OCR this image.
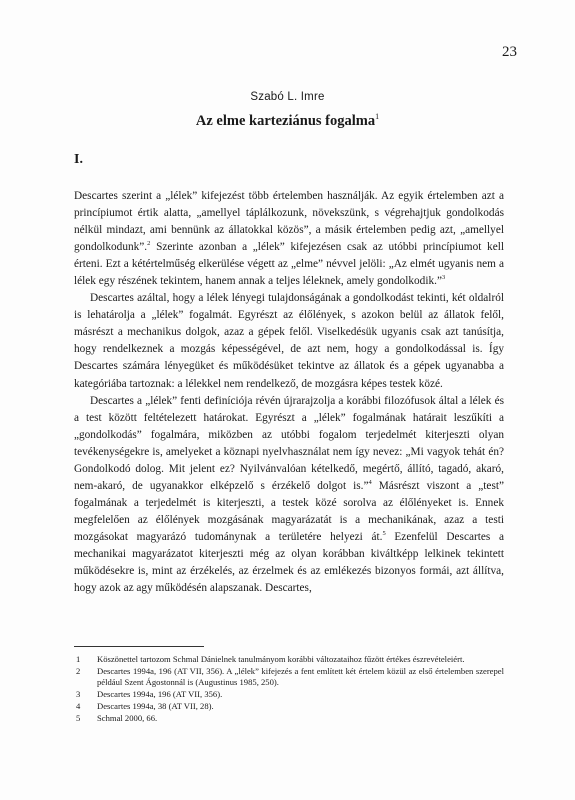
23
Szabó L. Imre
Az elme karteziánus fogalma$^1$
I.

Descartes szerint a „lélek” kifejezést több értelemben használják. Az egyik értelemben azt a princípiumot értik alatta, „amellyel táplálkozunk, növekszünk, s végrehajtjuk gondolkodás nélkül mindazt, ami bennünk az állatokkal közös”, a másik értelemben pedig azt, „amellyel gondolkodunk”.$^2$ Szerinte azonban a „lélek” kifejezésen csak az utóbbi princípiumot kell érteni. Ezt a kétértelműség elkerülése végett az „elme” névvel jelöli: „Az elmét ugyanis nem a lélek egy részének tekintem, hanem annak a teljes léleknek, amely gondolkodik.”$^3$

Descartes azáltal, hogy a lélek lényegi tulajdonságának a gondolkodást tekinti, két oldalról is lehatárolja a „lélek” fogalmát. Egyrészt az élőlények, s azokon belül az állatok felől, másrészt a mechanikus dolgok, azaz a gépek felől. Viselkedésük ugyanis csak azt tanúsítja, hogy rendelkeznek a mozgás képességével, de azt nem, hogy a gondolkodással is. Így Descartes számára lényegüket és működésüket tekintve az állatok és a gépek ugyanabba a kategóriába tartoznak: a lélekkel nem rendelkező, de mozgásra képes testek közé.

Descartes a „lélek” fenti definíciója révén újrarajzolja a korábbi filozófusok által a lélek és a test között feltételezett határokat. Egyrészt a „lélek” fogalmának határait leszűkíti a „gondolkodás” fogalmára, miközben az utóbbi fogalom terjedelmét kiterjeszti olyan tevékenységekre is, amelyeket a köznapi nyelvhasználat nem így nevez: „Mi vagyok tehát én? Gondolkodó dolog. Mit jelent ez? Nyilvánvalóan kételkedő, megértő, állító, tagadó, akaró, nem-akaró, de ugyanakkor elképzelő s érzékelő dolgot is.”$^4$ Másrészt viszont a „test” fogalmának a terjedelmét is kiterjeszti, a testek közé sorolva az élőlényeket is. Ennek megfelelően az élőlények mozgásának magyarázatát is a mechanikának, azaz a testi mozgásokat magyarázó tudománynak a területére helyezi át.$^5$ Ezenfelül Descartes a mechanikai magyarázatot kiterjeszti még az olyan korábban kiváltképp lelkinek tekintett működésekre is, mint az érzékelés, az érzelmek és az emlékezés bizonyos formái, azt állítva, hogy azok az agy működésén alapszanak. Descartes,

1	Köszönettel tartozom Schmal Dánielnek tanulmányom korábbi változataihoz fűzött értékes észrevételeiért.
2	Descartes 1994a, 196 (AT VII, 356). A „lélek” kifejezés a fent említett két értelem közül az első értelemben szerepel például Szent Ágostonnál is (Augustinus 1985, 250).
3	Descartes 1994a, 196 (AT VII, 356).
4	Descartes 1994a, 38 (AT VII, 28).
5	Schmal 2000, 66.
